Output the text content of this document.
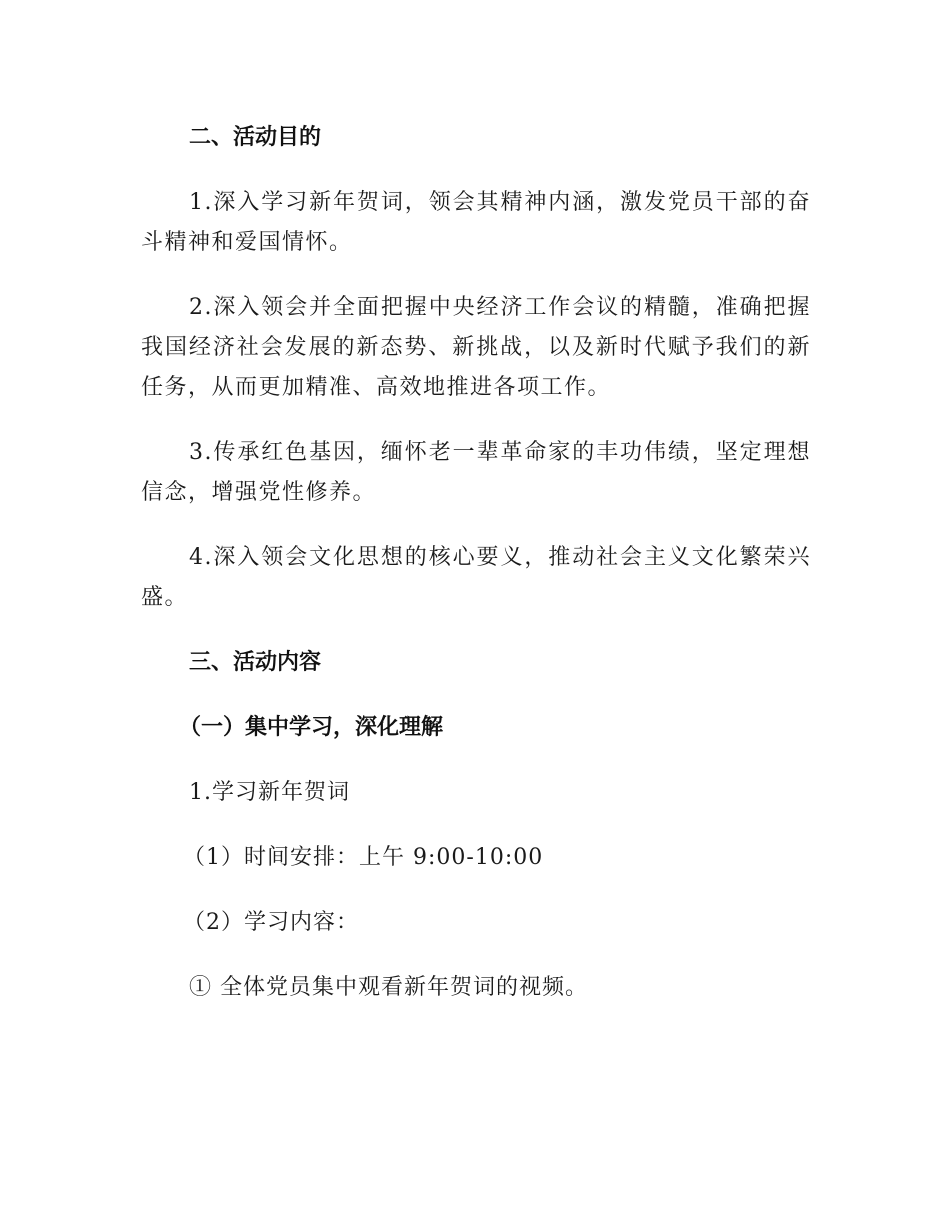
二、活动目的

1.深入学习新年贺词，领会其精神内涵，激发党员干部的奋斗精神和爱国情怀。

2.深入领会并全面把握中央经济工作会议的精髓，准确把握我国经济社会发展的新态势、新挑战，以及新时代赋予我们的新任务，从而更加精准、高效地推进各项工作。

3.传承红色基因，缅怀老一辈革命家的丰功伟绩，坚定理想信念，增强党性修养。

4.深入领会文化思想的核心要义，推动社会主义文化繁荣兴盛。

三、活动内容

（一）集中学习，深化理解

1.学习新年贺词

（1）时间安排：上午 9:00-10:00

（2）学习内容：

① 全体党员集中观看新年贺词的视频。
